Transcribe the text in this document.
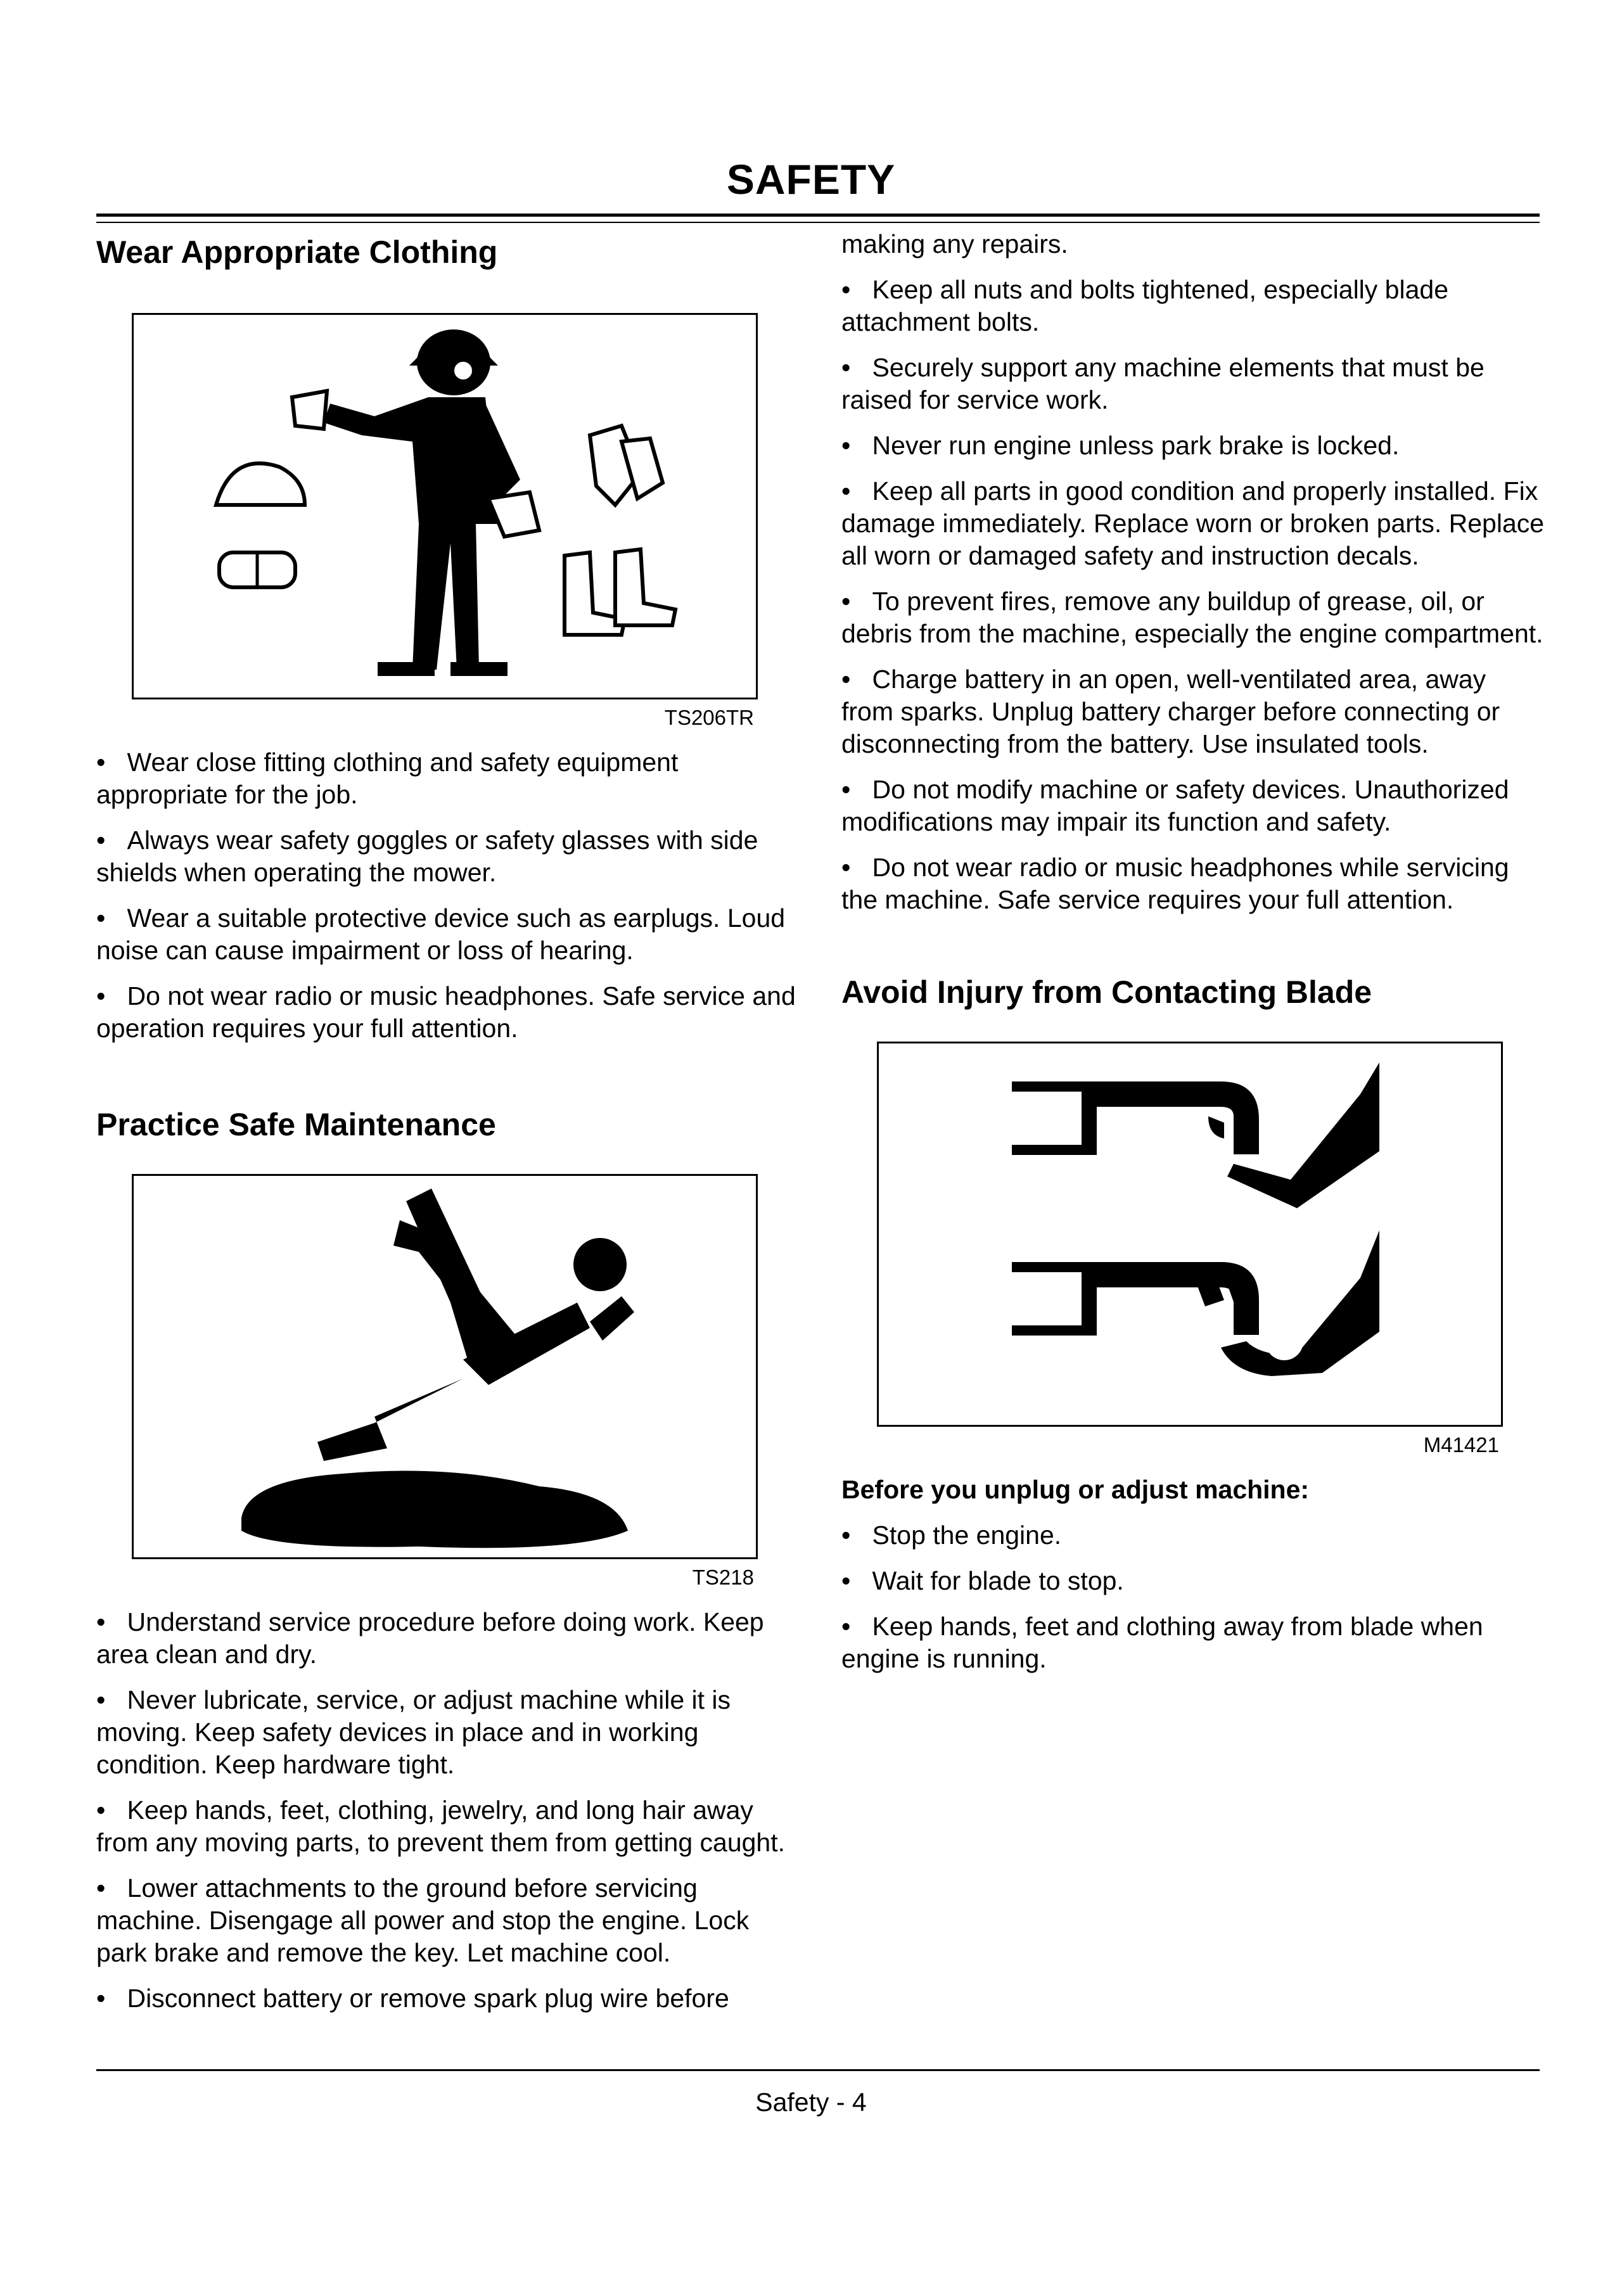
SAFETY
Wear Appropriate Clothing
TS206TR

•   Wear close fitting clothing and safety equipment appropriate for the job.

•   Always wear safety goggles or safety glasses with side shields when operating the mower.

•   Wear a suitable protective device such as earplugs. Loud noise can cause impairment or loss of hearing.

•   Do not wear radio or music headphones. Safe service and operation requires your full attention.

Practice Safe Maintenance
TS218

•   Understand service procedure before doing work. Keep area clean and dry.

•   Never lubricate, service, or adjust machine while it is moving. Keep safety devices in place and in working condition. Keep hardware tight.

•   Keep hands, feet, clothing, jewelry, and long hair away from any moving parts, to prevent them from getting caught.

•   Lower attachments to the ground before servicing machine. Disengage all power and stop the engine. Lock park brake and remove the key. Let machine cool.

•   Disconnect battery or remove spark plug wire before

making any repairs.

•   Keep all nuts and bolts tightened, especially blade attachment bolts.

•   Securely support any machine elements that must be raised for service work.

•   Never run engine unless park brake is locked.

•   Keep all parts in good condition and properly installed. Fix damage immediately. Replace worn or broken parts. Replace all worn or damaged safety and instruction decals.

•   To prevent fires, remove any buildup of grease, oil, or debris from the machine, especially the engine compartment.

•   Charge battery in an open, well-ventilated area, away from sparks. Unplug battery charger before connecting or disconnecting from the battery. Use insulated tools.

•   Do not modify machine or safety devices. Unauthorized modifications may impair its function and safety.

•   Do not wear radio or music headphones while servicing the machine. Safe service requires your full attention.

Avoid Injury from Contacting Blade
M41421

Before you unplug or adjust machine:

•   Stop the engine.

•   Wait for blade to stop.

•   Keep hands, feet and clothing away from blade when engine is running.

Safety - 4
